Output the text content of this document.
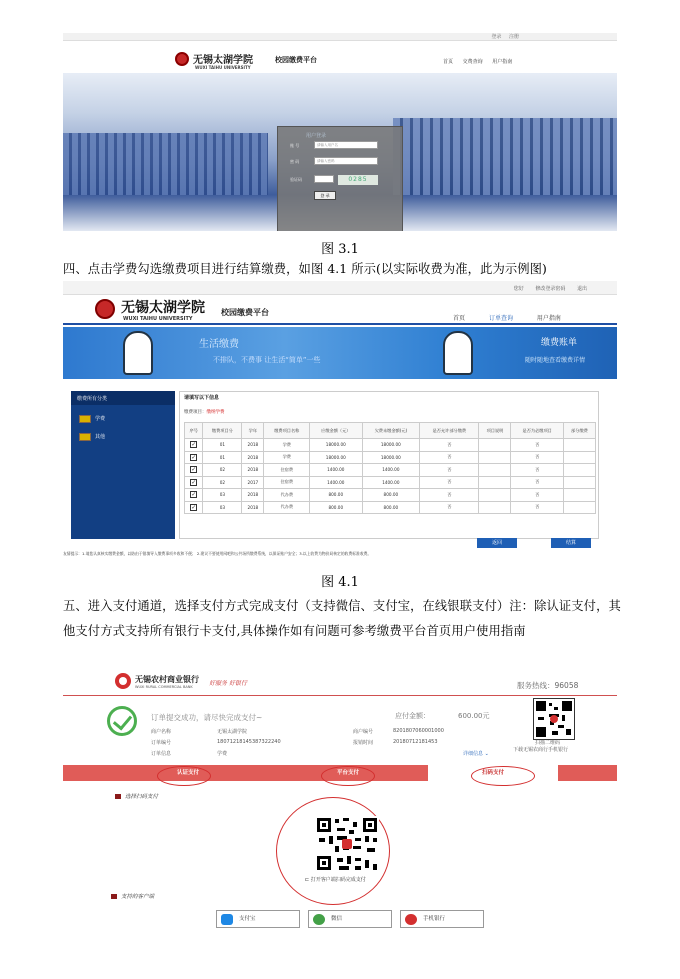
登录 注册
无锡太湖学院
WUXI TAIHU UNIVERSITY
校园缴费平台	首页 交费查询 用户指南
用户登录
账 号	请输入用户名
密 码	请输入密码
验证码	0285
登 录
图 3.1
四、点击学费勾选缴费项目进行结算缴费，如图 4.1 所示(以实际收费为准，此为示例图)
您好 修改登录密码 退出
无锡太湖学院
WUXI TAIHU UNIVERSITY
校园缴费平台
首页	订单查询	用户指南
生活缴费
不排队，不费事 让生活“简单”一些
缴费账单
随时随地查看缴费详情
缴费所有分类
学费
其他
请填写以下信息
缴费项目：缴纳学费
序号	缴费项目分	学年	缴费项目名称	应缴金额（元）	欠费未缴金额(元)	是否允许部分缴费	项目说明	是否为必缴项目	部分缴费
✓	01	2018	学费	18000.00	18000.00	否		否	
✓	01	2018	学费	18000.00	18000.00	否		否	
✓	02	2018	住宿费	1400.00	1400.00	否		否	
✓	02	2017	住宿费	1400.00	1400.00	否		否	
✓	03	2018	代办费	800.00	800.00	否		否	
✓	03	2018	代办费	800.00	800.00	否		否	
返回	结算
友情提示：1.请您认真核实缴费金额，以防由于错填导入缴费事项多收和不便； 2.建议不要使用网吧和公共场所缴费系统，以保证账户安全；3.以上收费为物价局核定的收费标准收费。
图 4.1
五、进入支付通道，选择支付方式完成支付（支持微信、支付宝，在线银联支付）注：除认证支付，其他支付方式支持所有银行卡支付,具体操作如有问题可参考缴费平台首页用户使用指南
无锡农村商业银行
WUXI RURAL COMMERCIAL BANK	好服务 好银行	服务热线：96058
订单提交成功，请尽快完成支付~	应付金额：	600.00元
商户名称	无锡太湖学院
订单编号	18071218145387322240
订单信息	学费
商户编号	8201807060001000
报销时间	20180712181453	扫描二维码
下载无锡农商行手机银行
详细信息 ⌄
认证支付	平台支付	扫码支付
选择扫码支付
⊏ 打开客户端扫码完成支付
支持的客户端
支付宝	微信	手机银行
